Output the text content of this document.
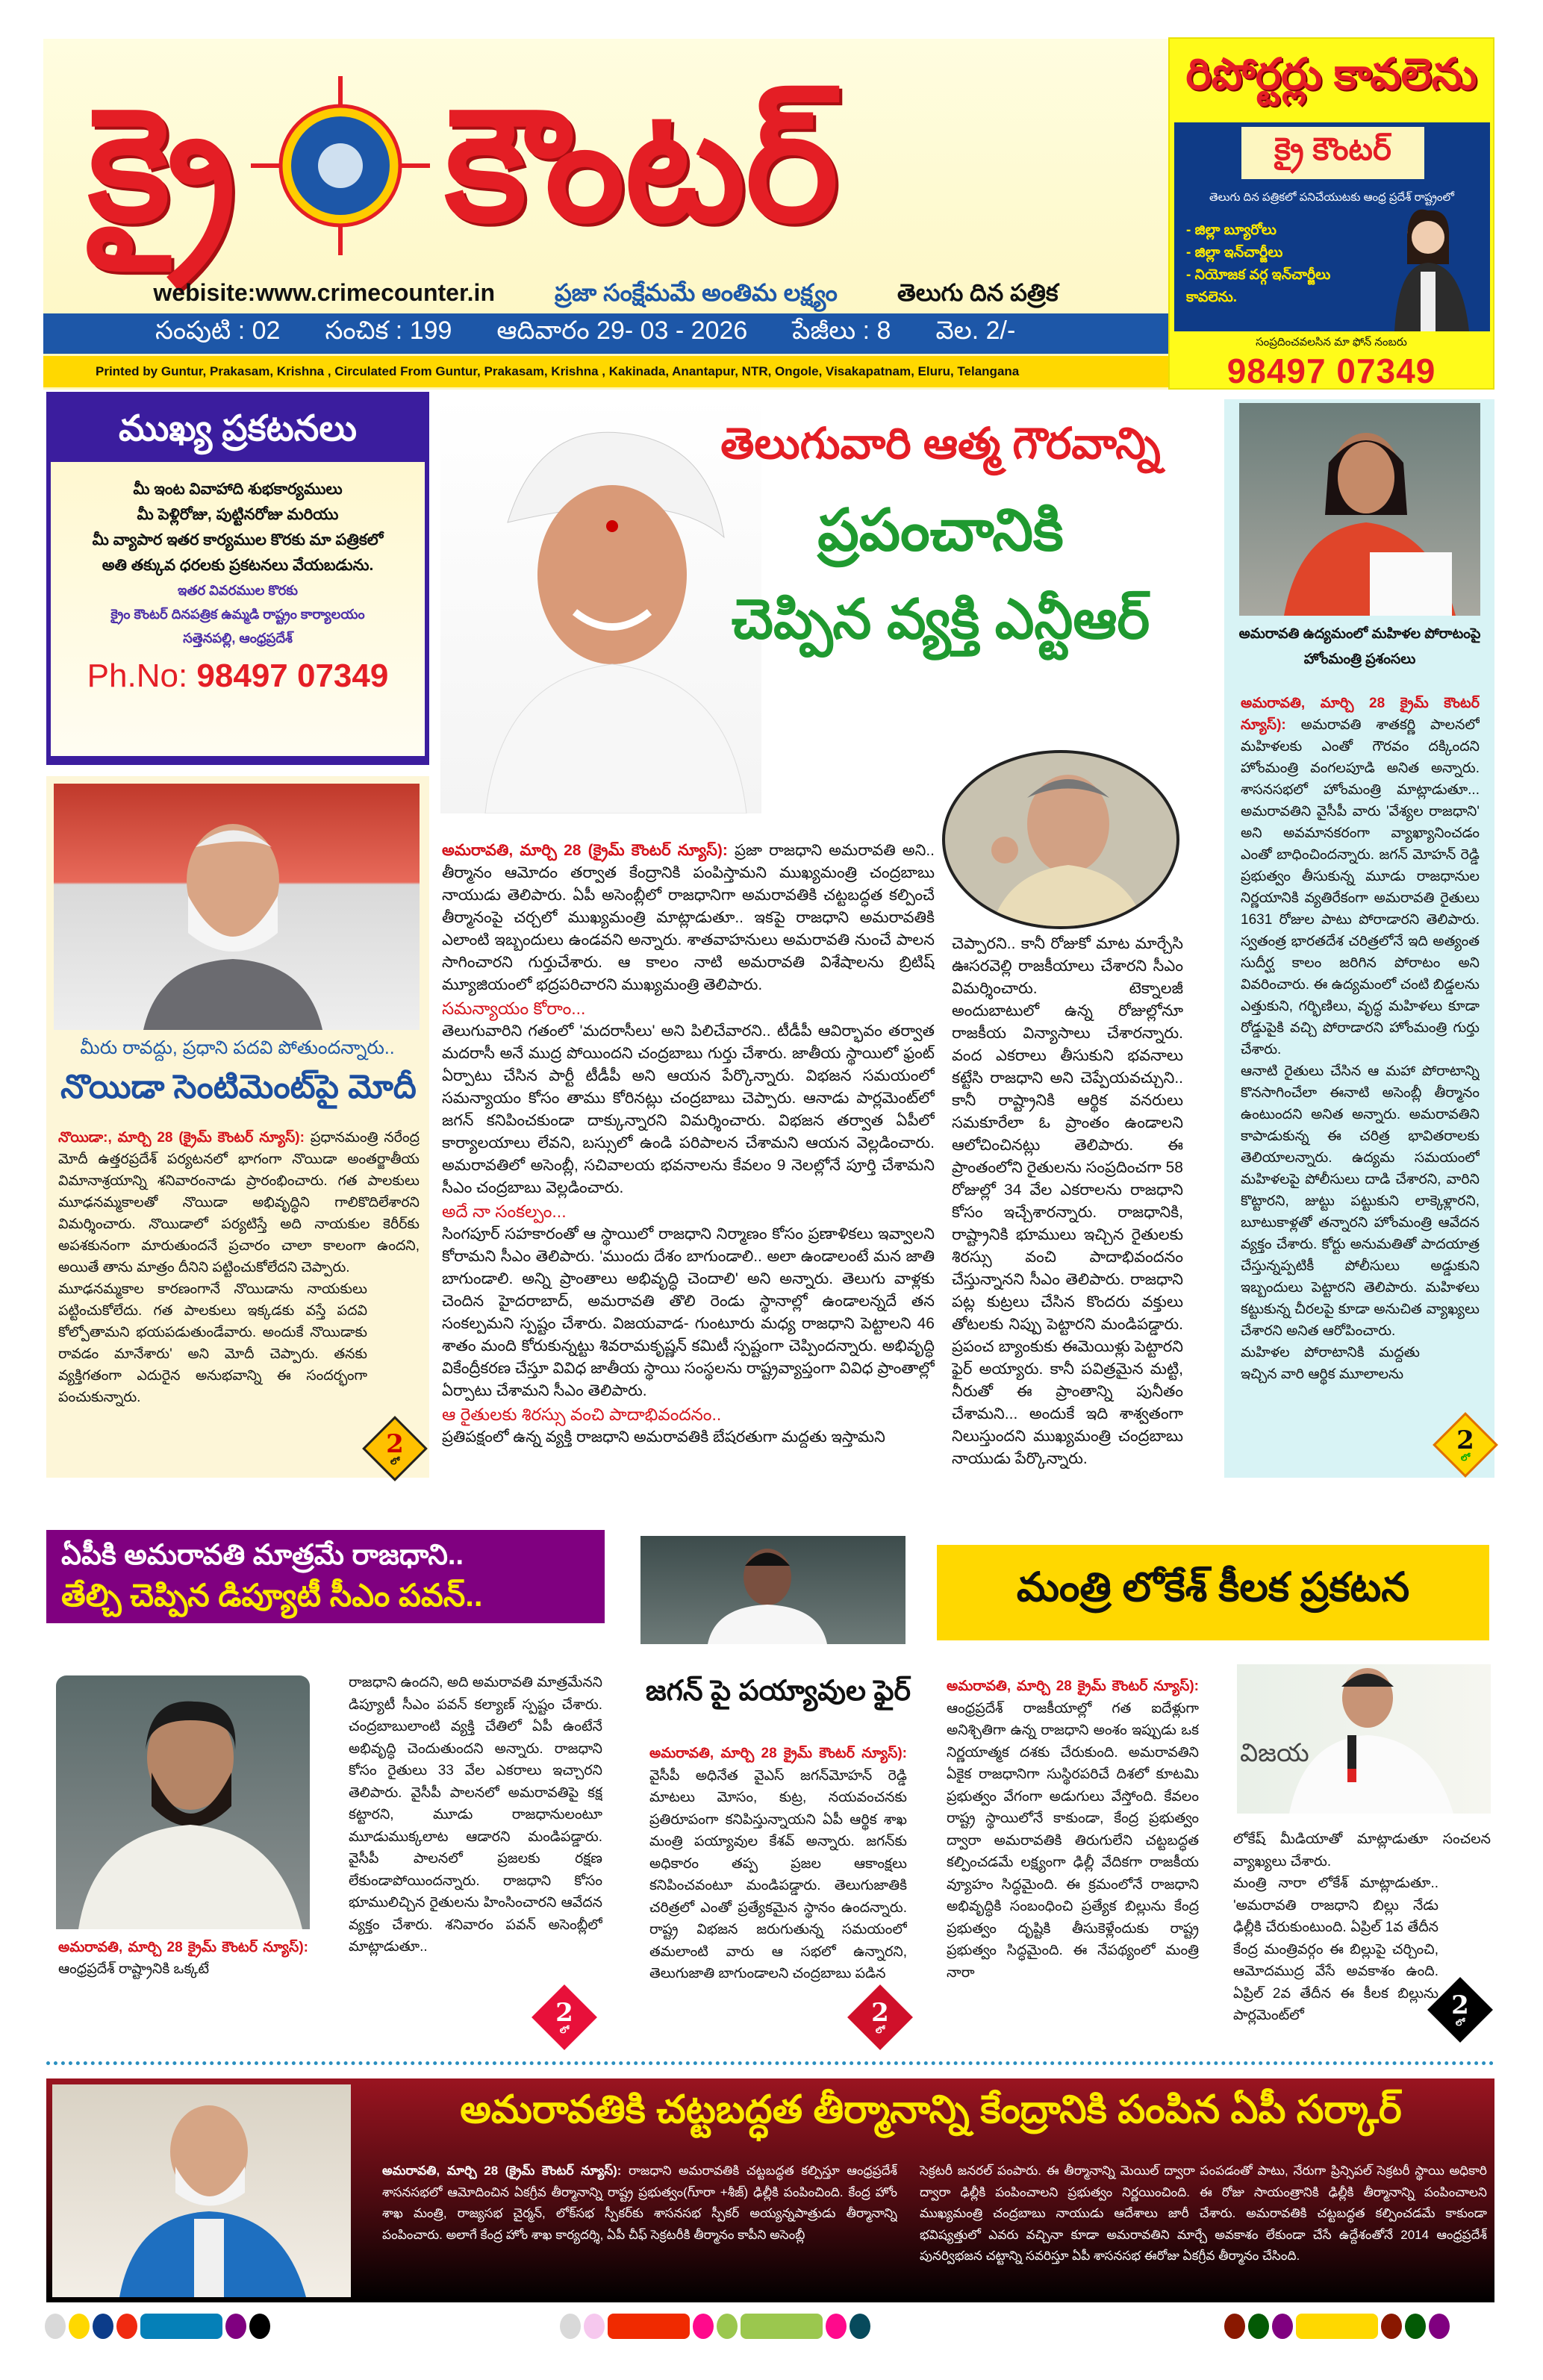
క్రై కౌంటర్
webisite:www.crimecounter.in	ప్రజా సంక్షేమమే అంతిమ లక్ష్యం	తెలుగు దిన పత్రిక
సంపుటి : 02 సంచిక : 199 ఆదివారం 29- 03 - 2026 పేజీలు : 8 వెల. 2/-
Printed by Guntur, Prakasam, Krishna , Circulated From Guntur, Prakasam, Krishna , Kakinada, Anantapur, NTR, Ongole, Visakapatnam, Eluru, Telangana
రిపోర్టర్లు కావలెను
క్రై కౌంటర్
తెలుగు దిన పత్రికలో పనిచేయుటకు ఆంధ్ర ప్రదేశ్ రాష్ట్రంలో
- జిల్లా బ్యూరోలు
- జిల్లా ఇన్‌చార్జీలు
- నియోజక వర్గ ఇన్‌చార్జీలు
కావలెను.
సంప్రదించవలసిన మా ఫోన్ నంబరు
98497 07349
ముఖ్య ప్రకటనలు
మీ ఇంట వివాహాది శుభకార్యములు
మీ పెళ్లిరోజు, పుట్టినరోజు మరియు
మీ వ్యాపార ఇతర కార్యముల కొరకు మా పత్రికలో
అతి తక్కువ ధరలకు ప్రకటనలు వేయబడును.
ఇతర వివరముల కొరకు
క్రైం కౌంటర్ దినపత్రిక ఉమ్మడి రాష్ట్రం కార్యాలయం
సత్తెనపల్లి, ఆంధ్రప్రదేశ్
Ph.No: 98497 07349
మీరు రావద్దు, ప్రధాని పదవి పోతుందన్నారు..
నొయిడా సెంటిమెంట్‌పై మోదీ

నొయిడా:, మార్చి 28 (క్రైమ్ కౌంటర్ న్యూస్): ప్రధానమంత్రి నరేంద్ర మోదీ ఉత్తరప్రదేశ్ పర్యటనలో భాగంగా నొయిడా అంతర్జాతీయ విమానాశ్రయాన్ని శనివారంనాడు ప్రారంభించారు. గత పాలకులు మూఢనమ్మకాలతో నొయిడా అభివృద్ధిని గాలికొదిలేశారని విమర్శించారు. నొయిడాలో పర్యటిస్తే అది నాయకుల కెరీర్‌కు అపశకునంగా మారుతుందనే ప్రచారం చాలా కాలంగా ఉందని, అయితే తాను మాత్రం దీనిని పట్టించుకోలేదని చెప్పారు.

మూఢనమ్మకాల కారణంగానే నొయిడాను నాయకులు పట్టించుకోలేదు. గత పాలకులు ఇక్కడకు వస్తే పదవి కోల్పోతామని భయపడుతుండేవారు. అందుకే నొయిడాకు రావడం మానేశారు' అని మోదీ చెప్పారు. తనకు వ్యక్తిగతంగా ఎదురైన అనుభవాన్ని ఈ సందర్భంగా పంచుకున్నారు.

2
లో
తెలుగువారి ఆత్మ గౌరవాన్ని
ప్రపంచానికి
చెప్పిన వ్యక్తి ఎన్టీఆర్

అమరావతి, మార్చి 28 (క్రైమ్ కౌంటర్ న్యూస్): ప్రజా రాజధాని అమరావతి అని.. తీర్మానం ఆమోదం తర్వాత కేంద్రానికి పంపిస్తామని ముఖ్యమంత్రి చంద్రబాబు నాయుడు తెలిపారు. ఏపీ అసెంబ్లీలో రాజధానిగా అమరావతికి చట్టబద్ధత కల్పించే తీర్మానంపై చర్చలో ముఖ్యమంత్రి మాట్లాడుతూ.. ఇకపై రాజధాని అమరావతికి ఎలాంటి ఇబ్బందులు ఉండవని అన్నారు. శాతవాహనులు అమరావతి నుంచే పాలన సాగించారని గుర్తుచేశారు. ఆ కాలం నాటి అమరావతి విశేషాలను బ్రిటిష్ మ్యూజియంలో భద్రపరిచారని ముఖ్యమంత్రి తెలిపారు.

సమన్యాయం కోరాం...

తెలుగువారిని గతంలో 'మదరాసీలు' అని పిలిచేవారని.. టీడీపీ ఆవిర్భావం తర్వాత మదరాసీ అనే ముద్ర పోయిందని చంద్రబాబు గుర్తు చేశారు. జాతీయ స్థాయిలో ఫ్రంట్ ఏర్పాటు చేసిన పార్టీ టీడీపీ అని ఆయన పేర్కొన్నారు. విభజన సమయంలో సమన్యాయం కోసం తాము కోరినట్లు చంద్రబాబు చెప్పారు. ఆనాడు పార్లమెంట్‌లో జగన్ కనిపించకుండా దాక్కున్నారని విమర్శించారు. విభజన తర్వాత ఏపీలో కార్యాలయాలు లేవని, బస్సులో ఉండి పరిపాలన చేశామని ఆయన వెల్లడించారు. అమరావతిలో అసెంబ్లీ, సచివాలయ భవనాలను కేవలం 9 నెలల్లోనే పూర్తి చేశామని సీఎం చంద్రబాబు వెల్లడించారు.

అదే నా సంకల్పం...

సింగపూర్ సహకారంతో ఆ స్థాయిలో రాజధాని నిర్మాణం కోసం ప్రణాళికలు ఇవ్వాలని కోరామని సీఎం తెలిపారు. 'ముందు దేశం బాగుండాలి.. అలా ఉండాలంటే మన జాతి బాగుండాలి. అన్ని ప్రాంతాలు అభివృద్ధి చెందాలి' అని అన్నారు. తెలుగు వాళ్లకు చెందిన హైదరాబాద్, అమరావతి తొలి రెండు స్థానాల్లో ఉండాలన్నదే తన సంకల్పమని స్పష్టం చేశారు. విజయవాడ- గుంటూరు మధ్య రాజధాని పెట్టాలని 46 శాతం మంది కోరుకున్నట్టు శివరామకృష్ణన్ కమిటీ స్పష్టంగా చెప్పిందన్నారు. అభివృద్ధి వికేంద్రీకరణ చేస్తూ వివిధ జాతీయ స్థాయి సంస్థలను రాష్ట్రవ్యాప్తంగా వివిధ ప్రాంతాల్లో ఏర్పాటు చేశామని సీఎం తెలిపారు.

ఆ రైతులకు శిరస్సు వంచి పాదాభివందనం..

ప్రతిపక్షంలో ఉన్న వ్యక్తి రాజధాని అమరావతికి బేషరతుగా మద్దతు ఇస్తామని

చెప్పారని.. కానీ రోజుకో మాట మార్చేసి ఊసరవెల్లి రాజకీయాలు చేశారని సీఎం విమర్శించారు. టెక్నాలజీ అందుబాటులో ఉన్న రోజుల్లోనూ రాజకీయ విన్యాసాలు చేశారన్నారు. వంద ఎకరాలు తీసుకుని భవనాలు కట్టేసి రాజధాని అని చెప్పేయవచ్చుని.. కానీ రాష్ట్రానికి ఆర్థిక వనరులు సమకూరేలా ఓ ప్రాంతం ఉండాలని ఆలోచించినట్లు తెలిపారు. ఈ ప్రాంతంలోని రైతులను సంప్రదించగా 58 రోజుల్లో 34 వేల ఎకరాలను రాజధాని కోసం ఇచ్చేశారన్నారు. రాజధానికి, రాష్ట్రానికి భూములు ఇచ్చిన రైతులకు శిరస్సు వంచి పాదాభివందనం చేస్తున్నానని సీఎం తెలిపారు. రాజధాని పట్ల కుట్రలు చేసిన కొందరు వక్తులు తోటలకు నిప్పు పెట్టారని మండిపడ్డారు. ప్రపంచ బ్యాంకుకు ఈమెయిళ్లు పెట్టారని ఫైర్ అయ్యారు. కానీ పవిత్రమైన మట్టి, నీరుతో ఈ ప్రాంతాన్ని పునీతం చేశామని... అందుకే ఇది శాశ్వతంగా నిలుస్తుందని ముఖ్యమంత్రి చంద్రబాబు నాయుడు పేర్కొన్నారు.
అమరావతి ఉద్యమంలో మహిళల పోరాటంపై హోంమంత్రి ప్రశంసలు

అమరావతి, మార్చి 28 క్రైమ్ కౌంటర్ న్యూస్): అమరావతి శాతకర్ణి పాలనలో మహిళలకు ఎంతో గౌరవం దక్కిందని హోంమంత్రి వంగలపూడి అనిత అన్నారు. శాసనసభలో హోంమంత్రి మాట్లాడుతూ... అమరావతిని వైసీపీ వారు 'వేశ్యల రాజధాని' అని అవమానకరంగా వ్యాఖ్యానించడం ఎంతో బాధించిందన్నారు. జగన్ మోహన్ రెడ్డి ప్రభుత్వం తీసుకున్న మూడు రాజధానుల నిర్ణయానికి వ్యతిరేకంగా అమరావతి రైతులు 1631 రోజుల పాటు పోరాడారని తెలిపారు. స్వతంత్ర భారతదేశ చరిత్రలోనే ఇది అత్యంత సుదీర్ఘ కాలం జరిగిన పోరాటం అని వివరించారు. ఈ ఉద్యమంలో చంటి బిడ్డలను ఎత్తుకుని, గర్భిణిలు, వృద్ధ మహిళలు కూడా రోడ్డుపైకి వచ్చి పోరాడారని హోంమంత్రి గుర్తు చేశారు.

ఆనాటి రైతులు చేసిన ఆ మహా పోరాటాన్ని కొనసాగించేలా ఈనాటి అసెంబ్లీ తీర్మానం ఉంటుందని అనిత అన్నారు. అమరావతిని కాపాడుకున్న ఈ చరిత్ర భావితరాలకు తెలియాలన్నారు. ఉద్యమ సమయంలో మహిళలపై పోలీసులు దాడి చేశారని, వారిని కొట్టారని, జుట్టు పట్టుకుని లాక్కెళ్లారని, బూటుకాళ్లతో తన్నారని హోంమంత్రి ఆవేదన వ్యక్తం చేశారు. కోర్టు అనుమతితో పాదయాత్ర చేస్తున్నప్పటికీ పోలీసులు అడ్డుకుని ఇబ్బందులు పెట్టారని తెలిపారు. మహిళలు కట్టుకున్న చీరలపై కూడా అనుచిత వ్యాఖ్యలు చేశారని అనిత ఆరోపించారు.

మహిళల పోరాటానికి మద్దతు ఇచ్చిన వారి ఆర్థిక మూలాలను

2
లో
ఏపీకి అమరావతి మాత్రమే రాజధాని..
తేల్చి చెప్పిన డిప్యూటీ సీఎం పవన్..
అమరావతి, మార్చి 28 క్రైమ్ కౌంటర్ న్యూస్): ఆంధ్రప్రదేశ్ రాష్ట్రానికి ఒక్కటే
రాజధాని ఉందని, అది అమరావతి మాత్రమేనని డిప్యూటీ సీఎం పవన్ కల్యాణ్ స్పష్టం చేశారు. చంద్రబాబులాంటి వ్యక్తి చేతిలో ఏపీ ఉంటేనే అభివృద్ధి చెందుతుందని అన్నారు. రాజధాని కోసం రైతులు 33 వేల ఎకరాలు ఇచ్చారని తెలిపారు. వైసీపీ పాలనలో అమరావతిపై కక్ష కట్టారని, మూడు రాజధానులంటూ మూడుముక్కలాట ఆడారని మండిపడ్డారు. వైసీపీ పాలనలో ప్రజలకు రక్షణ లేకుండాపోయిందన్నారు. రాజధాని కోసం భూములిచ్చిన రైతులను హింసించారని ఆవేదన వ్యక్తం చేశారు. శనివారం పవన్ అసెంబ్లీలో మాట్లాడుతూ..
2
లో
జగన్ పై పయ్యావుల ఫైర్
అమరావతి, మార్చి 28 క్రైమ్ కౌంటర్ న్యూస్): వైసీపీ అధినేత వైఎస్ జగన్‌మోహన్ రెడ్డి మాటలు మోసం, కుట్ర, నయవంచనకు ప్రతిరూపంగా కనిపిస్తున్నాయని ఏపీ ఆర్థిక శాఖ మంత్రి పయ్యావుల కేశవ్ అన్నారు. జగన్‌కు అధికారం తప్ప ప్రజల ఆకాంక్షలు కనిపించవంటూ మండిపడ్డారు. తెలుగుజాతికి చరిత్రలో ఎంతో ప్రత్యేకమైన స్థానం ఉందన్నారు. రాష్ట్ర విభజన జరుగుతున్న సమయంలో తమలాంటి వారు ఆ సభలో ఉన్నారని, తెలుగుజాతి బాగుండాలని చంద్రబాబు పడిన
2
లో
మంత్రి లోకేశ్ కీలక ప్రకటన
అమరావతి, మార్చి 28 క్రైమ్ కౌంటర్ న్యూస్): ఆంధ్రప్రదేశ్ రాజకీయాల్లో గత ఐదేళ్లుగా అనిశ్చితిగా ఉన్న రాజధాని అంశం ఇప్పుడు ఒక నిర్ణయాత్మక దశకు చేరుకుంది. అమరావతిని ఏకైక రాజధానిగా సుస్థిరపరిచే దిశలో కూటమి ప్రభుత్వం వేగంగా అడుగులు వేస్తోంది. కేవలం రాష్ట్ర స్థాయిలోనే కాకుండా, కేంద్ర ప్రభుత్వం ద్వారా అమరావతికి తిరుగులేని చట్టబద్ధత కల్పించడమే లక్ష్యంగా ఢిల్లీ వేదికగా రాజకీయ వ్యూహం సిద్ధమైంది. ఈ క్రమంలోనే రాజధాని అభివృద్ధికి సంబంధించి ప్రత్యేక బిల్లును కేంద్ర ప్రభుత్వం దృష్టికి తీసుకెళ్లేందుకు రాష్ట్ర ప్రభుత్వం సిద్ధమైంది. ఈ నేపథ్యంలో మంత్రి నారా
విజయ

లోకేష్ మీడియాతో మాట్లాడుతూ సంచలన వ్యాఖ్యలు చేశారు.

మంత్రి నారా లోకేశ్ మాట్లాడుతూ.. 'అమరావతి రాజధాని బిల్లు నేడు ఢిల్లీకి చేరుకుంటుంది. ఏప్రిల్ 1వ తేదీన కేంద్ర మంత్రివర్గం ఈ బిల్లుపై చర్చించి, ఆమోదముద్ర వేసే అవకాశం ఉంది. ఏప్రిల్ 2వ తేదీన ఈ కీలక బిల్లును పార్లమెంట్‌లో	2
లో
అమరావతికి చట్టబద్ధత తీర్మానాన్ని కేంద్రానికి పంపిన ఏపీ సర్కార్
అమరావతి, మార్చి 28 (క్రైమ్ కౌంటర్ న్యూస్): రాజధాని అమరావతికి చట్టబద్ధత కల్పిస్తూ ఆంధ్రప్రదేశ్ శాసనసభలో ఆమోదించిన ఏకగ్రీవ తీర్మానాన్ని రాష్ట్ర ప్రభుత్వం(గూ్రా +శీజ్) ఢిల్లీకి పంపించింది. కేంద్ర హోం శాఖ మంత్రి, రాజ్యసభ చైర్మన్, లోక్‌సభ స్పీకర్‌కు శాసనసభ స్పీకర్ అయ్యన్నపాత్రుడు తీర్మానాన్ని పంపించారు. అలాగే కేంద్ర హోం శాఖ కార్యదర్శి, ఏపీ చీఫ్ సెక్రటరీకి తీర్మానం కాపీని అసెంబ్లీ
సెక్రటరీ జనరల్ పంపారు. ఈ తీర్మానాన్ని మెయిల్ ద్వారా పంపడంతో పాటు, నేరుగా ప్రిన్సిపల్ సెక్రటరీ స్థాయి అధికారి ద్వారా ఢిల్లీకి పంపించాలని ప్రభుత్వం నిర్ణయించింది. ఈ రోజు సాయంత్రానికి ఢిల్లీకి తీర్మానాన్ని పంపించాలని ముఖ్యమంత్రి చంద్రబాబు నాయుడు ఆదేశాలు జారీ చేశారు. అమరావతికి చట్టబద్ధత కల్పించడమే కాకుండా భవిష్యత్తులో ఎవరు వచ్చినా కూడా అమరావతిని మార్చే అవకాశం లేకుండా చేసే ఉద్దేశంతోనే 2014 ఆంధ్రప్రదేశ్ పునర్విభజన చట్టాన్ని సవరిస్తూ ఏపీ శాసనసభ ఈరోజు ఏకగ్రీవ తీర్మానం చేసింది.
